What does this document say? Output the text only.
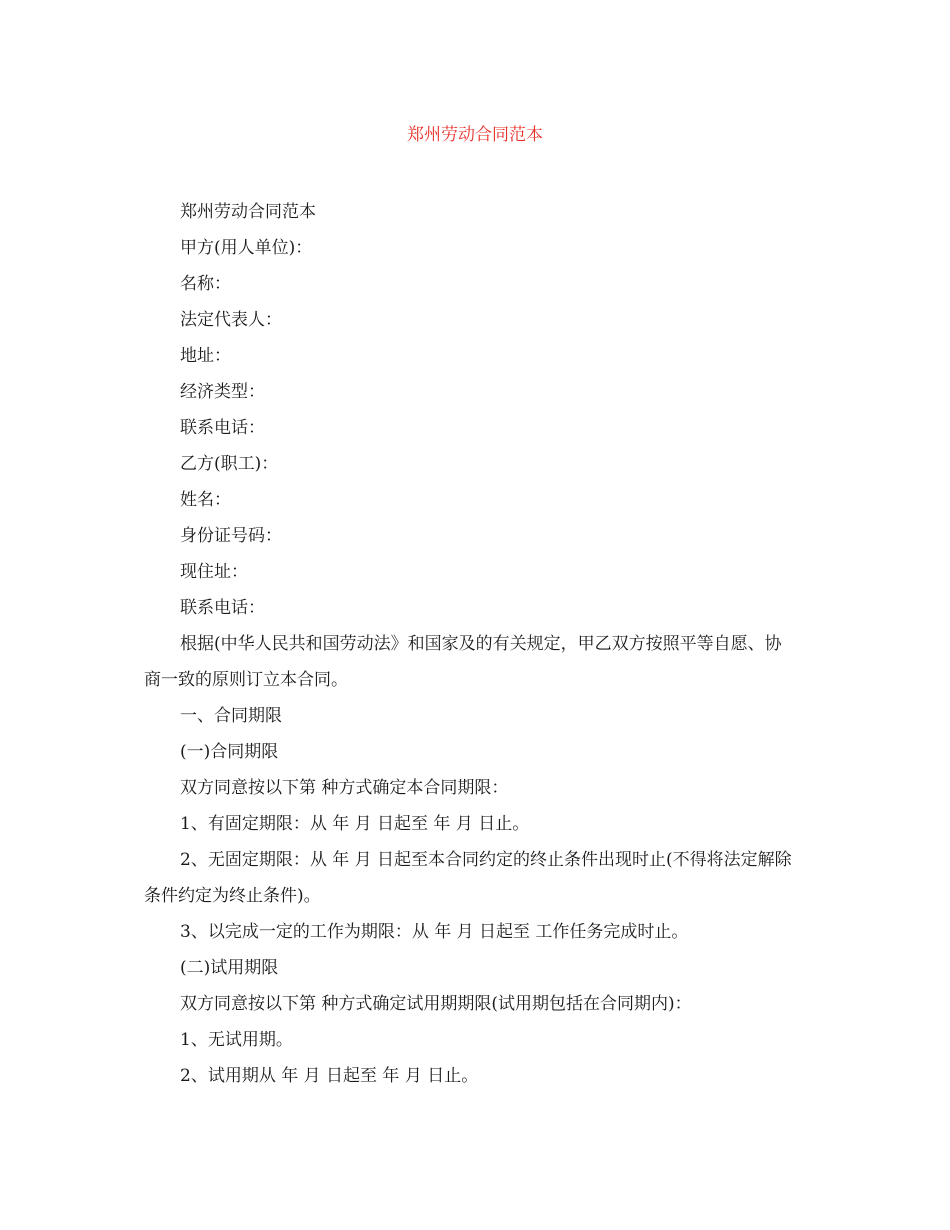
郑州劳动合同范本

郑州劳动合同范本

甲方(用人单位)：

名称：

法定代表人：

地址：

经济类型：

联系电话：

乙方(职工)：

姓名：

身份证号码：

现住址：

联系电话：

根据(中华人民共和国劳动法》和国家及的有关规定，甲乙双方按照平等自愿、协商一致的原则订立本合同。

一、合同期限

(一)合同期限

双方同意按以下第 种方式确定本合同期限：

1、有固定期限：从 年 月 日起至 年 月 日止。

2、无固定期限：从 年 月 日起至本合同约定的终止条件出现时止(不得将法定解除条件约定为终止条件)。

3、以完成一定的工作为期限：从 年 月 日起至 工作任务完成时止。

(二)试用期限

双方同意按以下第 种方式确定试用期期限(试用期包括在合同期内)：

1、无试用期。

2、试用期从 年 月 日起至 年 月 日止。
